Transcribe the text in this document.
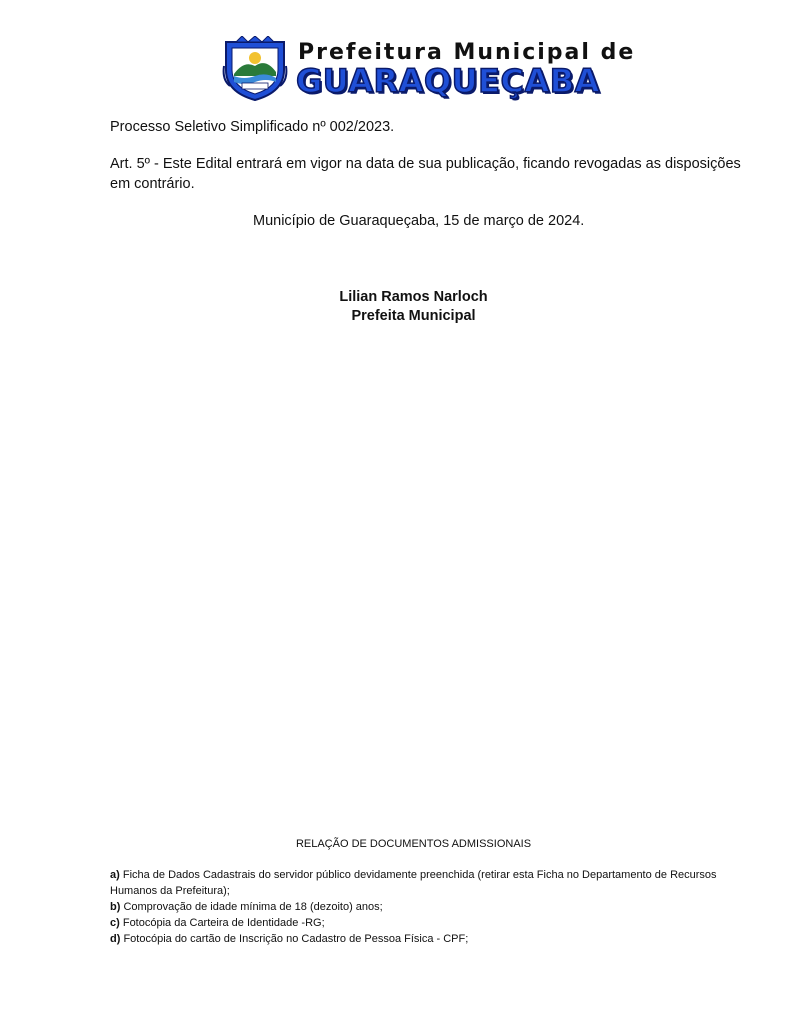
Prefeitura Municipal de
GUARAQUEÇABA
Processo Seletivo Simplificado nº 002/2023.
Art. 5º - Este Edital entrará em vigor na data de sua publicação, ficando revogadas as disposições
em contrário.
Município de Guaraqueçaba, 15 de março de 2024.
Lilian Ramos Narloch
Prefeita Municipal
RELAÇÃO DE DOCUMENTOS ADMISSIONAIS
a) Ficha de Dados Cadastrais do servidor público devidamente preenchida (retirar esta Ficha no Departamento de Recursos Humanos da Prefeitura);
b) Comprovação de idade mínima de 18 (dezoito) anos;
c) Fotocópia da Carteira de Identidade -RG;
d) Fotocópia do cartão de Inscrição no Cadastro de Pessoa Física - CPF;
